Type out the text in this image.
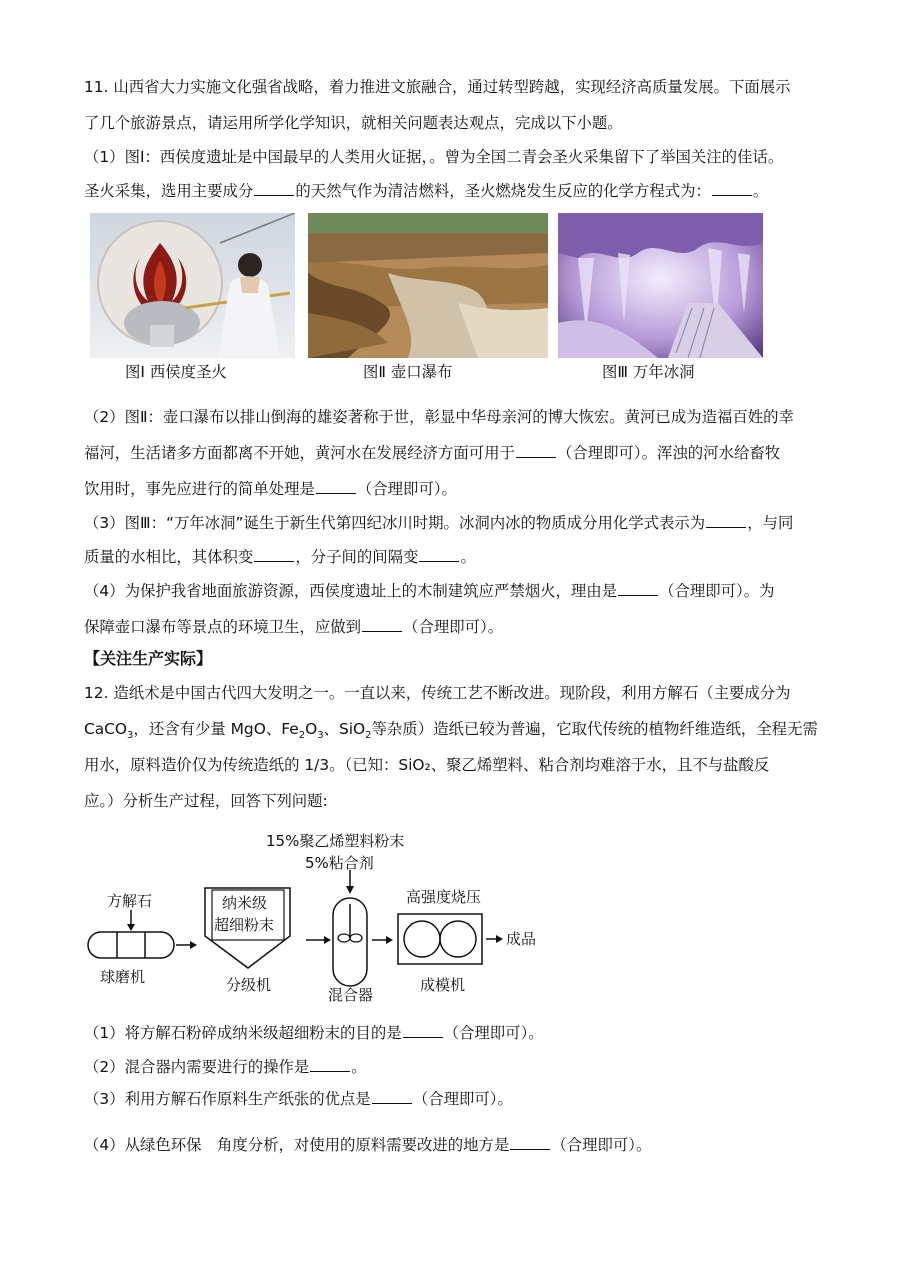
11. 山西省大力实施文化强省战略，着力推进文旅融合，通过转型跨越，实现经济高质量发展。下面展示
了几个旅游景点，请运用所学化学知识，就相关问题表达观点，完成以下小题。
（1）图Ⅰ：西侯度遗址是中国最早的人类用火证据，。曾为全国二青会圣火采集留下了举国关注的佳话。
圣火采集，选用主要成分	的天然气作为清洁燃料，圣火燃烧发生反应的化学方程式为：	。
图Ⅰ 西侯度圣火	图Ⅱ 壶口瀑布	图Ⅲ 万年冰洞
（2）图Ⅱ：壶口瀑布以排山倒海的雄姿著称于世，彰显中华母亲河的博大恢宏。黄河已成为造福百姓的幸
福河，生活诸多方面都离不开她，黄河水在发展经济方面可用于	（合理即可）。浑浊的河水给畜牧
饮用时，事先应进行的简单处理是	（合理即可）。
（3）图Ⅲ：“万年冰洞”诞生于新生代第四纪冰川时期。冰洞内冰的物质成分用化学式表示为	，与同
质量的水相比，其体积变	，分子间的间隔变	。
（4）为保护我省地面旅游资源，西侯度遗址上的木制建筑应严禁烟火，理由是	（合理即可）。为
保障壶口瀑布等景点的环境卫生，应做到	（合理即可）。
【关注生产实际】
12. 造纸术是中国古代四大发明之一。一直以来，传统工艺不断改进。现阶段，利用方解石（主要成分为
CaCO$_3$，还含有少量 MgO、$Fe_2O_3$、SiO$_2$等杂质）造纸已较为普遍，它取代传统的植物纤维造纸，全程无需
用水，原料造价仅为传统造纸的 1/3。（已知：SiO₂、聚乙烯塑料、粘合剂均难溶于水，且不与盐酸反
应。）分析生产过程，回答下列问题:
15%聚乙烯塑料粉末
5%粘合剂
方解石	纳米级
超细粉末
高强度烧压
成品
球磨机	分级机
混合器
成模机
（1）将方解石粉碎成纳米级超细粉末的目的是	（合理即可）。
（2）混合器内需要进行的操作是	。
（3）利用方解石作原料生产纸张的优点是	（合理即可）。
（4）从绿色环保　角度分析，对使用的原料需要改进的地方是	（合理即可）。
